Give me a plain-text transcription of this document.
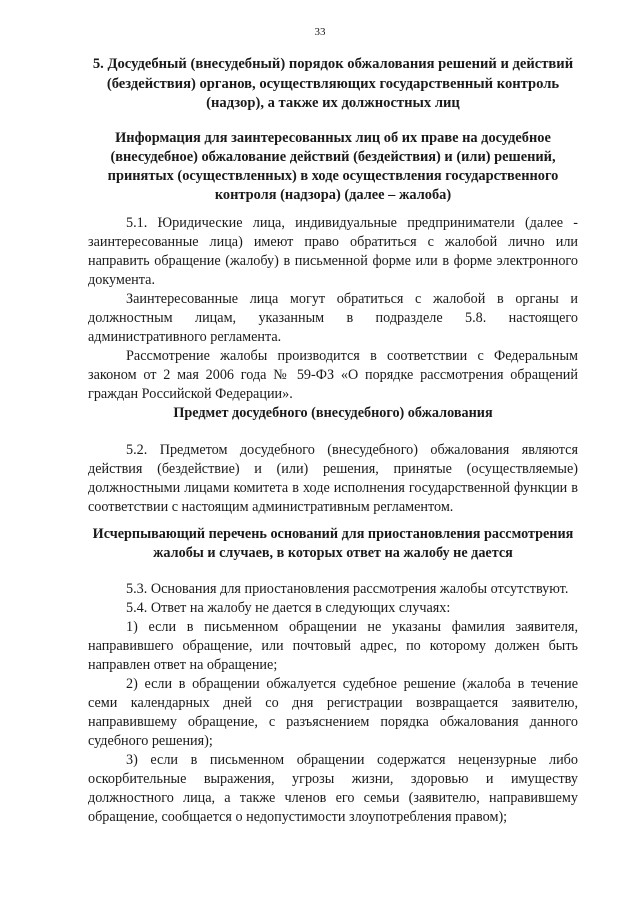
33
5. Досудебный (внесудебный) порядок обжалования решений и действий (бездействия) органов, осуществляющих государственный контроль (надзор), а также их должностных лиц
Информация для заинтересованных лиц об их праве на досудебное (внесудебное) обжалование действий (бездействия) и (или) решений, принятых (осуществленных) в ходе осуществления государственного контроля (надзора) (далее – жалоба)
5.1. Юридические лица, индивидуальные предприниматели (далее - заинтересованные лица) имеют право обратиться с жалобой лично или направить обращение (жалобу) в письменной форме или в форме электронного документа.
Заинтересованные лица могут обратиться с жалобой в органы и должностным лицам, указанным в подразделе 5.8. настоящего административного регламента.
Рассмотрение жалобы производится в соответствии с Федеральным законом от 2 мая 2006 года № 59-ФЗ «О порядке рассмотрения обращений граждан Российской Федерации».
Предмет досудебного (внесудебного) обжалования
5.2. Предметом досудебного (внесудебного) обжалования являются действия (бездействие) и (или) решения, принятые (осуществляемые) должностными лицами комитета в ходе исполнения государственной функции в соответствии с настоящим административным регламентом.
Исчерпывающий перечень оснований для приостановления рассмотрения жалобы и случаев, в которых ответ на жалобу не дается
5.3. Основания для приостановления рассмотрения жалобы отсутствуют.
5.4. Ответ на жалобу не дается в следующих случаях:
1) если в письменном обращении не указаны фамилия заявителя, направившего обращение, или почтовый адрес, по которому должен быть направлен ответ на обращение;
2) если в обращении обжалуется судебное решение (жалоба в течение семи календарных дней со дня регистрации возвращается заявителю, направившему обращение, с разъяснением порядка обжалования данного судебного решения);
3) если в письменном обращении содержатся нецензурные либо оскорбительные выражения, угрозы жизни, здоровью и имуществу должностного лица, а также членов его семьи (заявителю, направившему обращение, сообщается о недопустимости злоупотребления правом);
